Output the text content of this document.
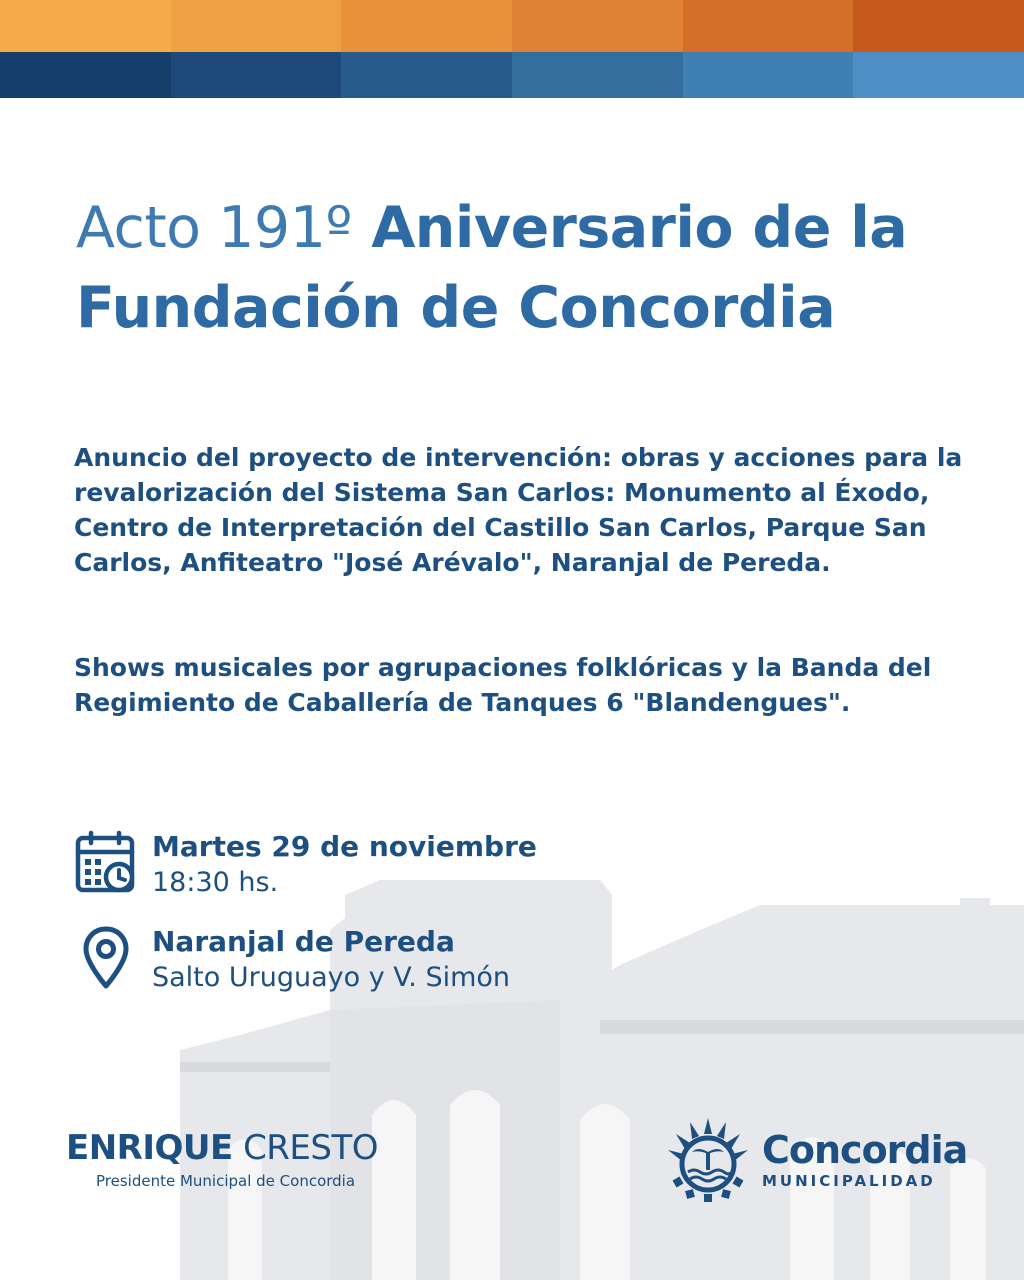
Acto 191º Aniversario de la
Fundación de Concordia

Anuncio del proyecto de intervención: obras y acciones para la revalorización del Sistema San Carlos: Monumento al Éxodo, Centro de Interpretación del Castillo San Carlos, Parque San Carlos, Anfiteatro "José Arévalo", Naranjal de Pereda.

Shows musicales por agrupaciones folklóricas y la Banda del Regimiento de Caballería de Tanques 6 "Blandengues".

Martes 29 de noviembre
18:30 hs.
Naranjal de Pereda
Salto Uruguayo y V. Simón
ENRIQUE CRESTO
Presidente Municipal de Concordia
Concordia
MUNICIPALIDAD
